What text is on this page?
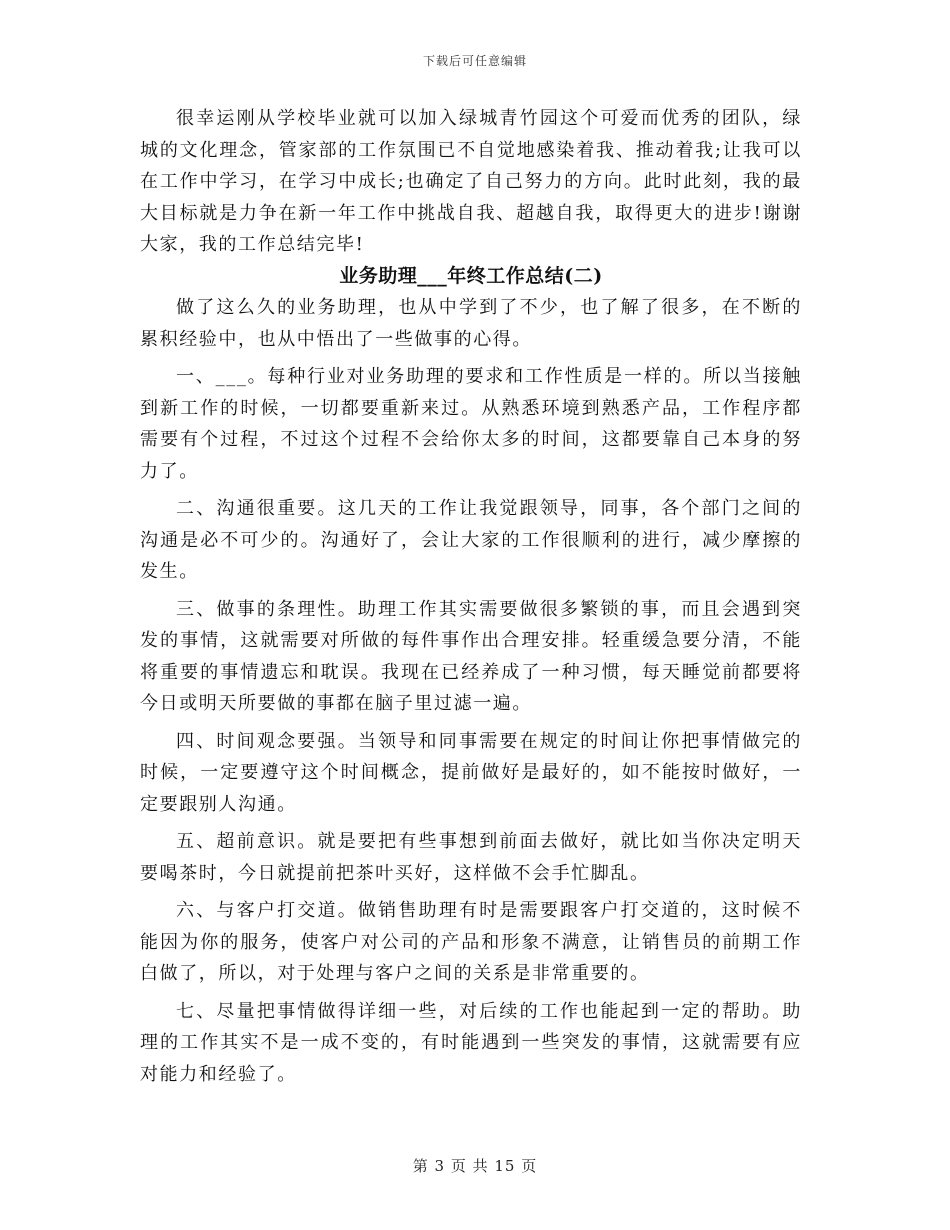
下载后可任意编辑

很幸运刚从学校毕业就可以加入绿城青竹园这个可爱而优秀的团队，绿城的文化理念，管家部的工作氛围已不自觉地感染着我、推动着我;让我可以在工作中学习，在学习中成长;也确定了自己努力的方向。此时此刻，我的最大目标就是力争在新一年工作中挑战自我、超越自我，取得更大的进步!谢谢大家，我的工作总结完毕!

业务助理___年终工作总结(二)

做了这么久的业务助理，也从中学到了不少，也了解了很多，在不断的累积经验中，也从中悟出了一些做事的心得。

一、___。每种行业对业务助理的要求和工作性质是一样的。所以当接触到新工作的时候，一切都要重新来过。从熟悉环境到熟悉产品，工作程序都需要有个过程，不过这个过程不会给你太多的时间，这都要靠自己本身的努力了。

二、沟通很重要。这几天的工作让我觉跟领导，同事，各个部门之间的沟通是必不可少的。沟通好了，会让大家的工作很顺利的进行，减少摩擦的发生。

三、做事的条理性。助理工作其实需要做很多繁锁的事，而且会遇到突发的事情，这就需要对所做的每件事作出合理安排。轻重缓急要分清，不能将重要的事情遗忘和耽误。我现在已经养成了一种习惯，每天睡觉前都要将今日或明天所要做的事都在脑子里过滤一遍。

四、时间观念要强。当领导和同事需要在规定的时间让你把事情做完的时候，一定要遵守这个时间概念，提前做好是最好的，如不能按时做好，一定要跟别人沟通。

五、超前意识。就是要把有些事想到前面去做好，就比如当你决定明天要喝茶时，今日就提前把茶叶买好，这样做不会手忙脚乱。

六、与客户打交道。做销售助理有时是需要跟客户打交道的，这时候不能因为你的服务，使客户对公司的产品和形象不满意，让销售员的前期工作白做了，所以，对于处理与客户之间的关系是非常重要的。

七、尽量把事情做得详细一些，对后续的工作也能起到一定的帮助。助理的工作其实不是一成不变的，有时能遇到一些突发的事情，这就需要有应对能力和经验了。

第 3 页 共 15 页
